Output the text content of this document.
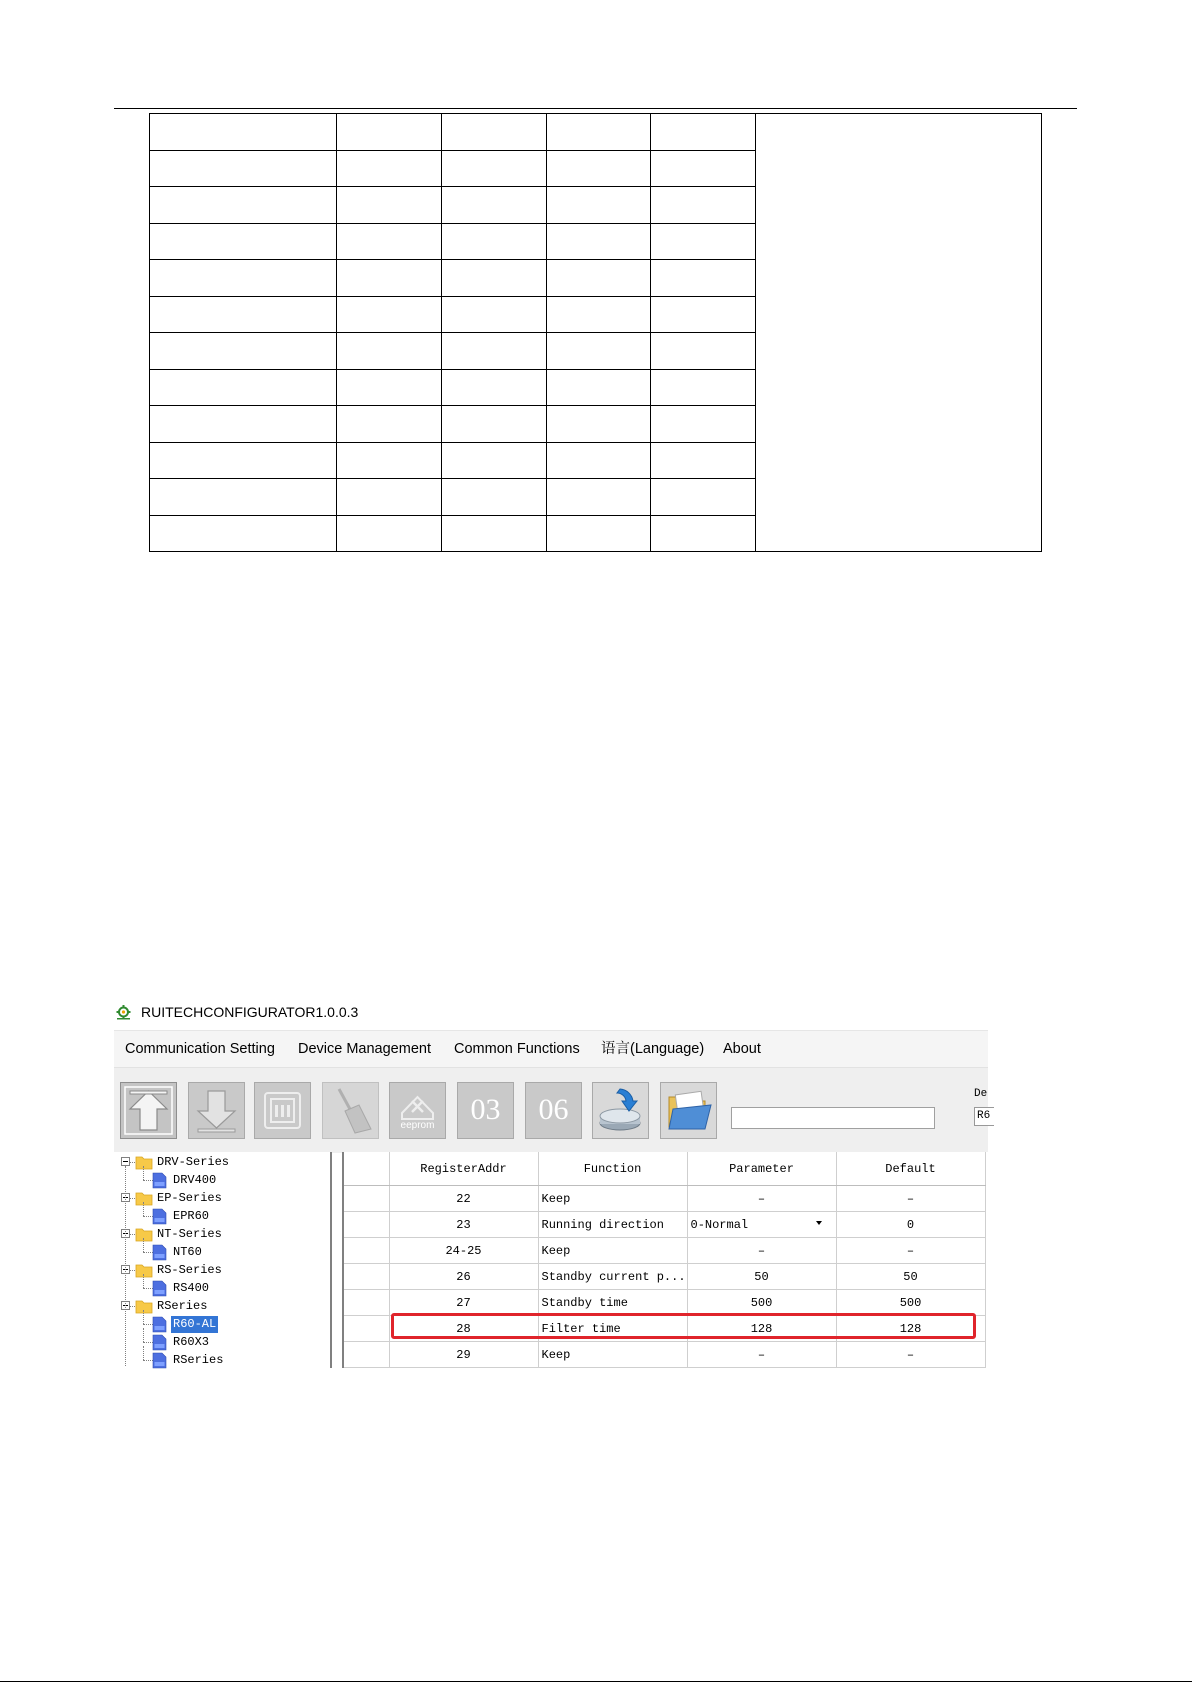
RUITECHCONFIGURATOR1.0.0.3
Communication Setting Device Management Common Functions 语言(Language) About
eeprom	03	06	De
R6
DRV-Series
DRV400
EP-Series
EPR60
NT-Series
NT60
RS-Series
RS400
RSeries
R60-AL
R60X3
RSeries
	RegisterAddr	Function	Parameter	Default
	22	Keep	–	–
	23	Running direction	0-Normal	0
	24-25	Keep	–	–
	26	Standby current p...	50	50
	27	Standby time	500	500
	28	Filter time	128	128
	29	Keep	–	–
